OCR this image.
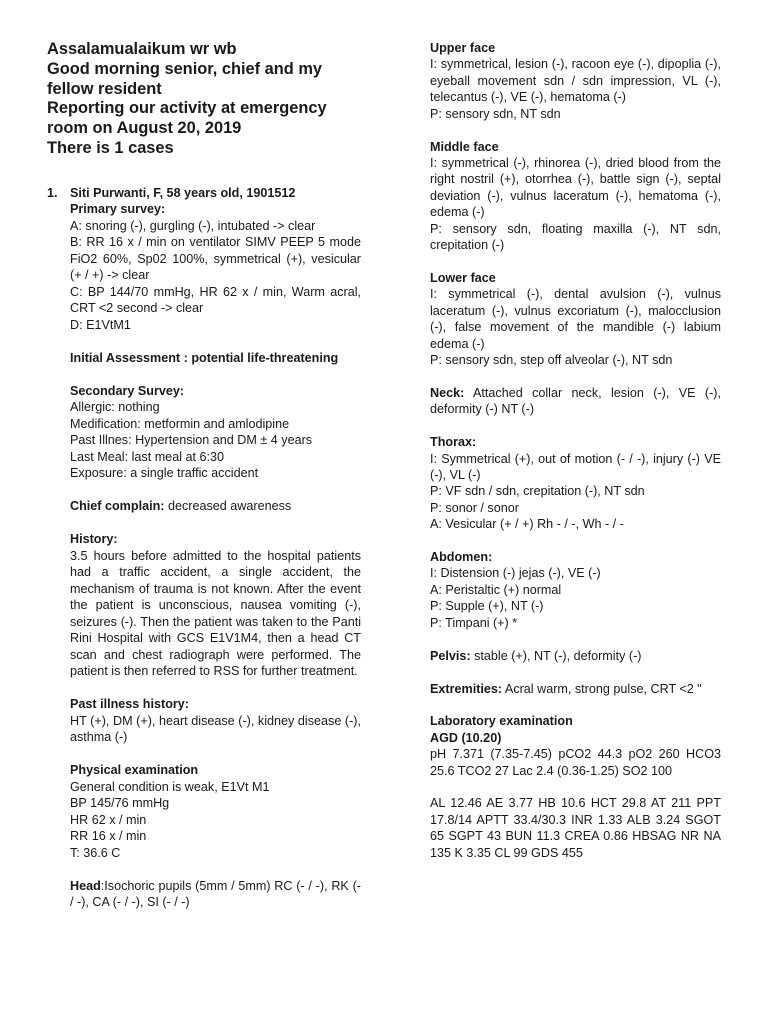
Assalamualaikum wr wb

Good morning senior, chief and my fellow resident

Reporting our activity at emergency room on August 20, 2019

There is 1 cases

1. Siti Purwanti, F, 58 years old, 1901512
Primary survey:
A: snoring (-), gurgling (-), intubated -> clear
B: RR 16 x / min on ventilator SIMV PEEP 5 mode FiO2 60%, Sp02 100%, symmetrical (+), vesicular (+ / +) -> clear
C: BP 144/70 mmHg, HR 62 x / min, Warm acral, CRT <2 second -> clear
D: E1VtM1
Initial Assessment : potential life-threatening
Secondary Survey:
Allergic: nothing
Medification: metformin and amlodipine
Past Illnes: Hypertension and DM ± 4 years
Last Meal: last meal at 6:30
Exposure: a single traffic accident
Chief complain: decreased awareness
History:
3.5 hours before admitted to the hospital patients had a traffic accident, a single accident, the mechanism of trauma is not known. After the event the patient is unconscious, nausea vomiting (-), seizures (-). Then the patient was taken to the Panti Rini Hospital with GCS E1V1M4, then a head CT scan and chest radiograph were performed. The patient is then referred to RSS for further treatment.
Past illness history:
HT (+), DM (+), heart disease (-), kidney disease (-), asthma (-)
Physical examination
General condition is weak, E1Vt M1
BP 145/76 mmHg
HR 62 x / min
RR 16 x / min
T: 36.6 C
Head:Isochoric pupils (5mm / 5mm) RC (- / -), RK (- / -), CA (- / -), SI (- / -)
Upper face
I: symmetrical, lesion (-), racoon eye (-), dipoplia (-), eyeball movement sdn / sdn impression, VL (-), telecantus (-), VE (-), hematoma (-)
P: sensory sdn, NT sdn
Middle face
I: symmetrical (-), rhinorea (-), dried blood from the right nostril (+), otorrhea (-), battle sign (-), septal deviation (-), vulnus laceratum (-), hematoma (-), edema (-)
P: sensory sdn, floating maxilla (-), NT sdn, crepitation (-)
Lower face
I: symmetrical (-), dental avulsion (-), vulnus laceratum (-), vulnus excoriatum (-), malocclusion (-), false movement of the mandible (-) labium edema (-)
P: sensory sdn, step off alveolar (-), NT sdn
Neck: Attached collar neck, lesion (-), VE (-), deformity (-) NT (-)
Thorax:
I: Symmetrical (+), out of motion (- / -), injury (-) VE (-), VL (-)
P: VF sdn / sdn, crepitation (-), NT sdn
P: sonor / sonor
A: Vesicular (+ / +) Rh - / -, Wh - / -
Abdomen:
I: Distension (-) jejas (-), VE (-)
A: Peristaltic (+) normal
P: Supple (+), NT (-)
P: Timpani (+) *
Pelvis: stable (+), NT (-), deformity (-)
Extremities: Acral warm, strong pulse, CRT <2 "
Laboratory examination
AGD (10.20)
pH 7.371 (7.35-7.45) pCO2 44.3 pO2 260 HCO3 25.6 TCO2 27 Lac 2.4 (0.36-1.25) SO2 100
AL 12.46 AE 3.77 HB 10.6 HCT 29.8 AT 211 PPT 17.8/14 APTT 33.4/30.3 INR 1.33 ALB 3.24 SGOT 65 SGPT 43 BUN 11.3 CREA 0.86 HBSAG NR NA 135 K 3.35 CL 99 GDS 455
